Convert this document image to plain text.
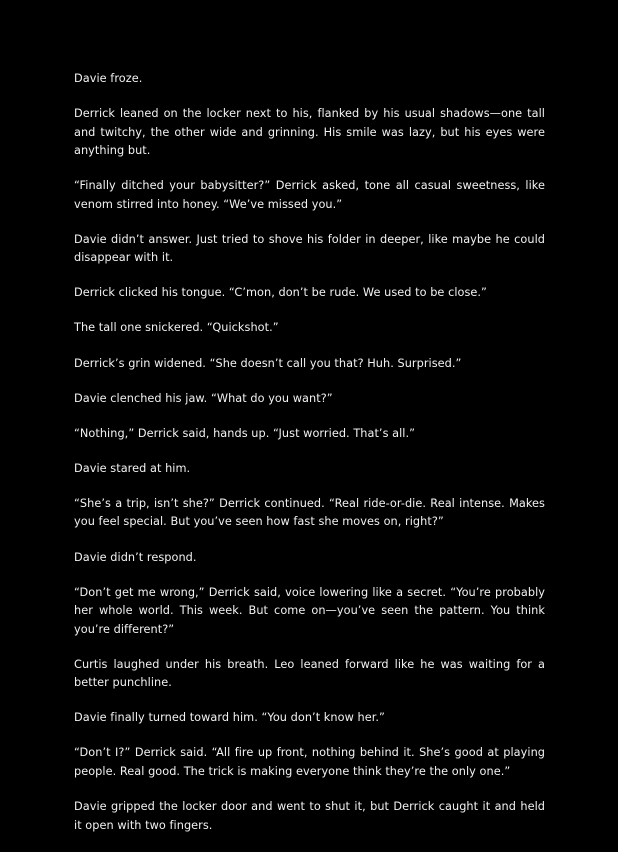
Davie froze.

Derrick leaned on the locker next to his, flanked by his usual shadows—one tall and twitchy, the other wide and grinning. His smile was lazy, but his eyes were anything but.

“Finally ditched your babysitter?” Derrick asked, tone all casual sweetness, like venom stirred into honey. “We’ve missed you.”

Davie didn’t answer. Just tried to shove his folder in deeper, like maybe he could disappear with it.

Derrick clicked his tongue. “C’mon, don’t be rude. We used to be close.”

The tall one snickered. “Quickshot.”

Derrick’s grin widened. “She doesn’t call you that? Huh. Surprised.”

Davie clenched his jaw. “What do you want?”

“Nothing,” Derrick said, hands up. “Just worried. That’s all.”

Davie stared at him.

“She’s a trip, isn’t she?” Derrick continued. “Real ride-or-die. Real intense. Makes you feel special. But you’ve seen how fast she moves on, right?”

Davie didn’t respond.

“Don’t get me wrong,” Derrick said, voice lowering like a secret. “You’re probably her whole world. This week. But come on—you’ve seen the pattern. You think you’re different?”

Curtis laughed under his breath. Leo leaned forward like he was waiting for a better punchline.

Davie finally turned toward him. “You don’t know her.”

“Don’t I?” Derrick said. “All fire up front, nothing behind it. She’s good at playing people. Real good. The trick is making everyone think they’re the only one.”

Davie gripped the locker door and went to shut it, but Derrick caught it and held it open with two fingers.
